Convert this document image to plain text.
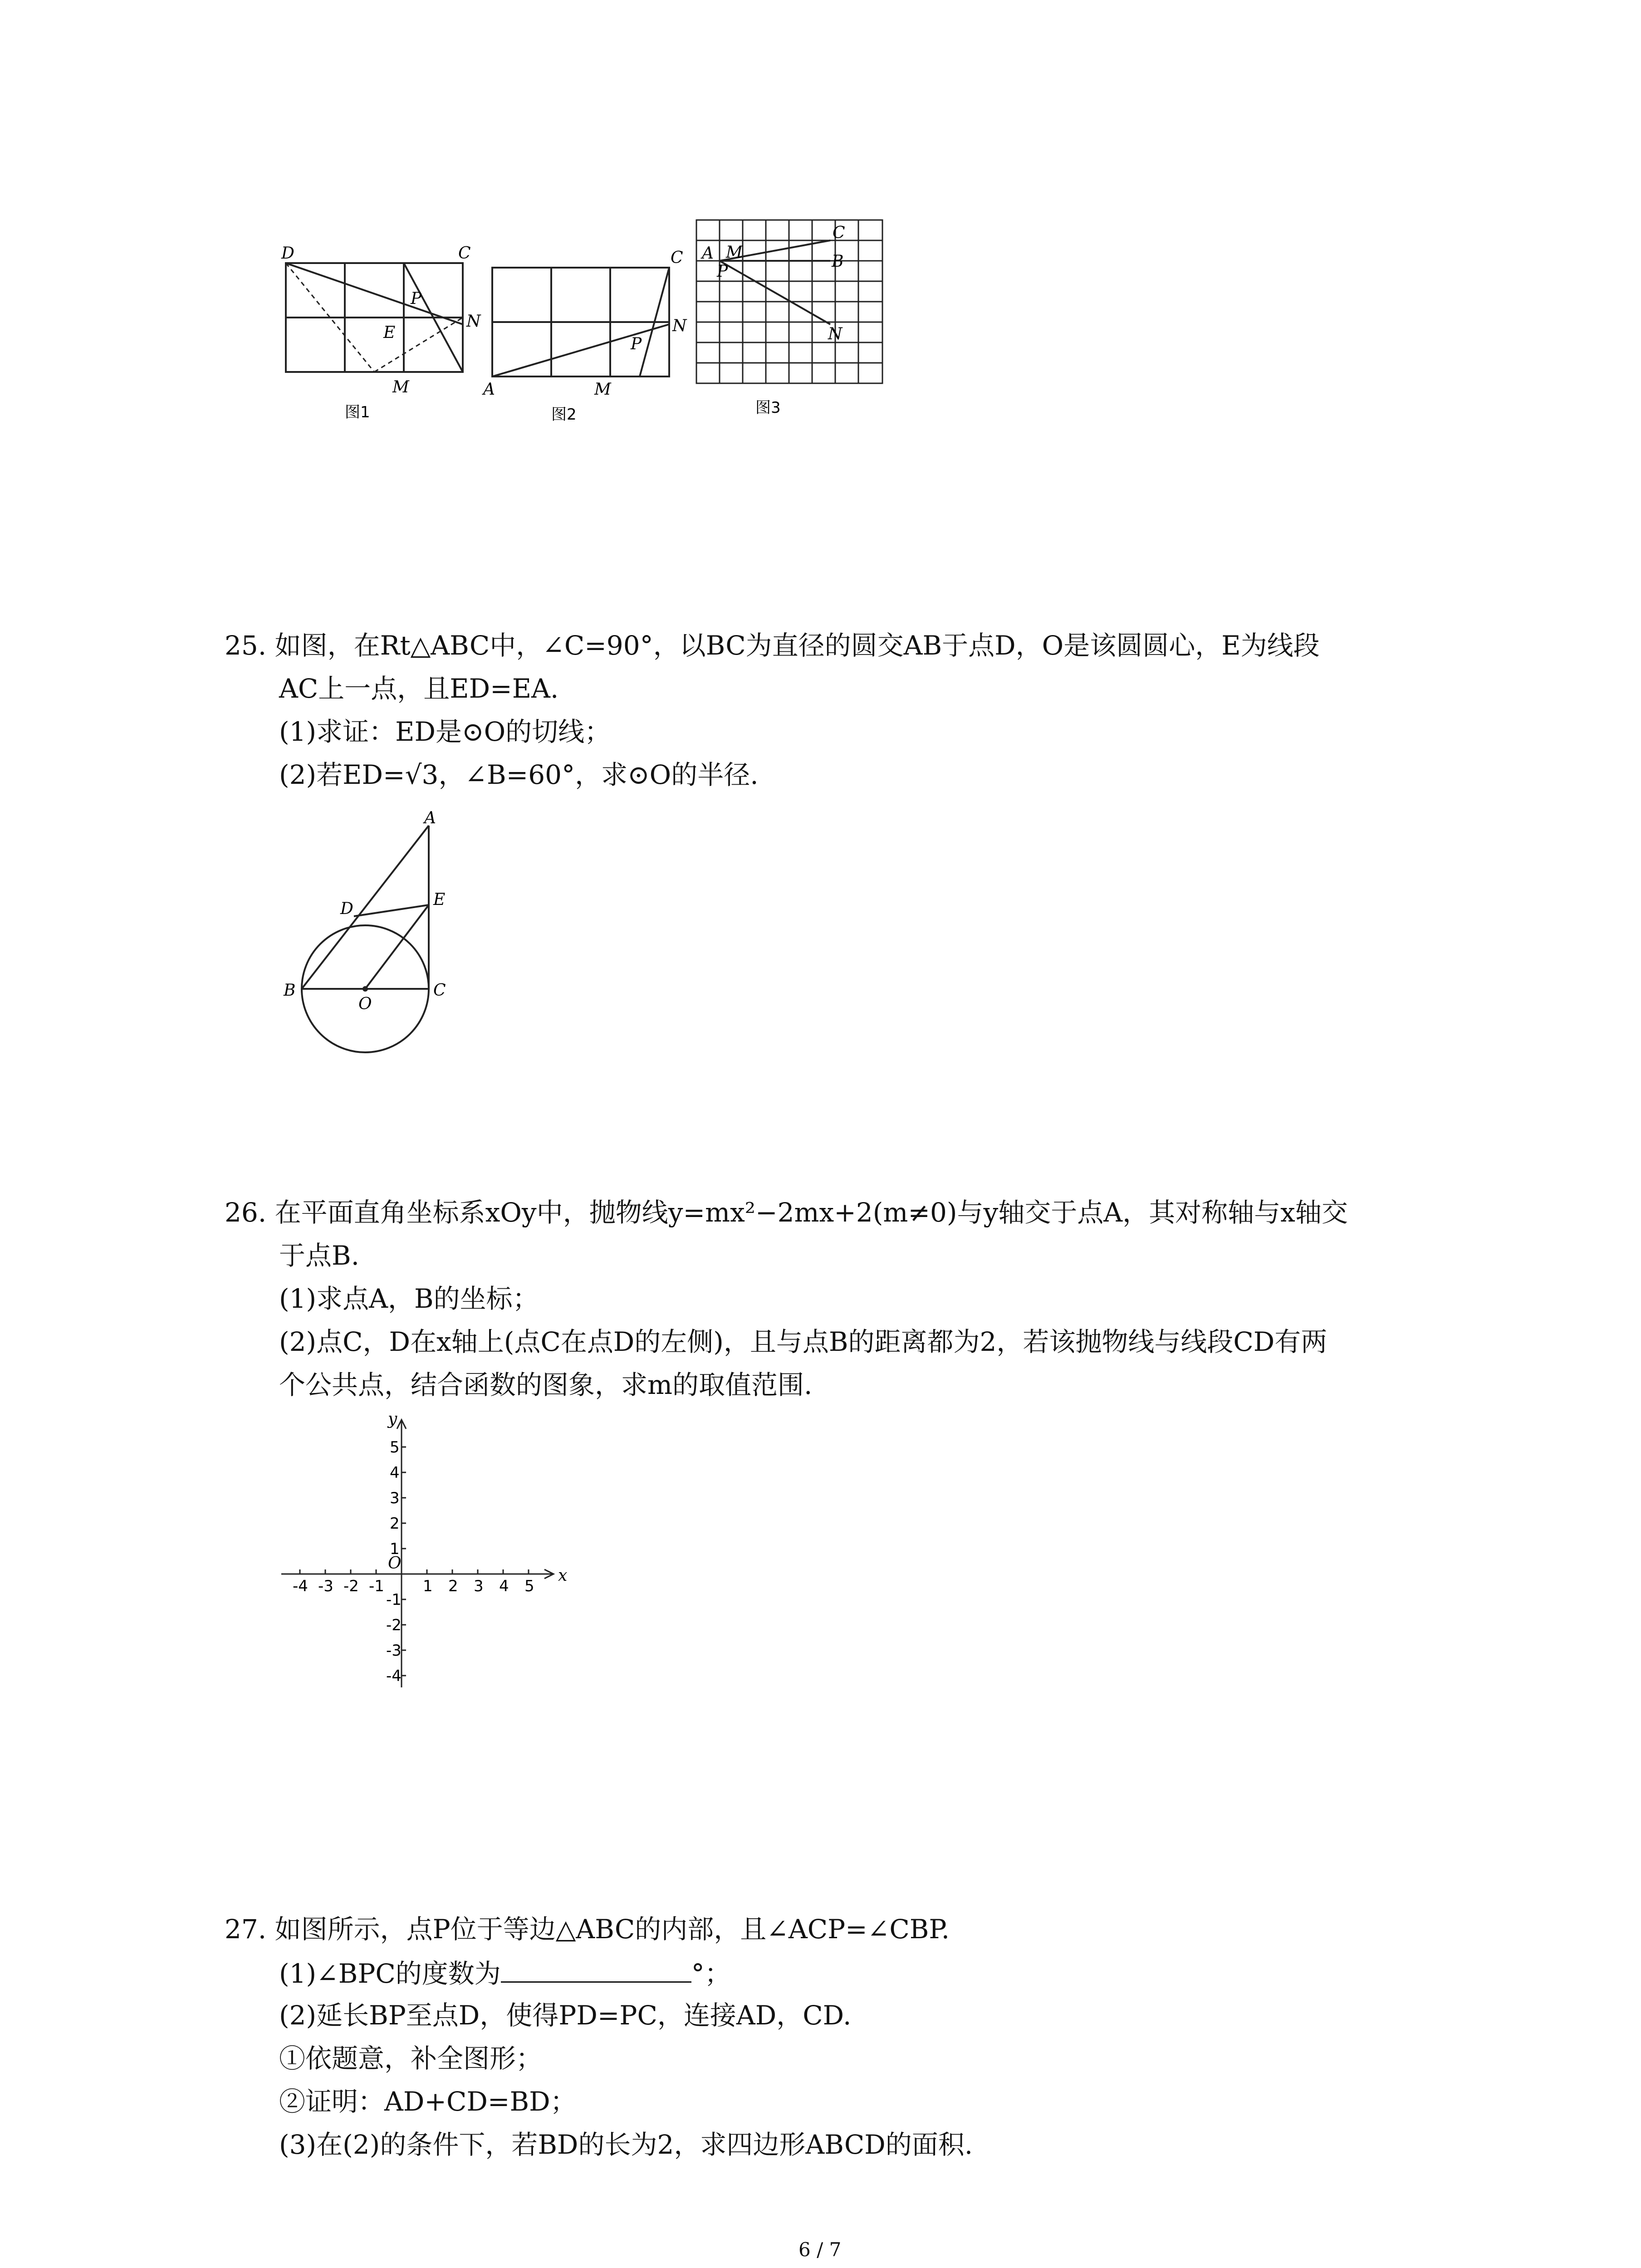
D	C
P
E
N
M
图1
C
N
P
A	M
图2
C
A M	B
P
N
图3
25. 如图，在Rt△ABC中，∠C=90°，以BC为直径的圆交AB于点D，O是该圆圆心，E为线段
AC上一点，且ED=EA.
(1)求证：ED是⊙O的切线；
(2)若ED=√3，∠B=60°，求⊙O的半径.
A
D	E
B
O
C
26. 在平面直角坐标系xOy中，抛物线y=mx²−2mx+2(m≠0)与y轴交于点A，其对称轴与x轴交
于点B.
(1)求点A，B的坐标；
(2)点C，D在x轴上(点C在点D的左侧)，且与点B的距离都为2，若该抛物线与线段CD有两
个公共点，结合函数的图象，求m的取值范围.
-4 -3 -2 -1	1 2 3 4 5
5
4
3
2
1
-1
-2
-3
-4
x
y
O
27. 如图所示，点P位于等边△ABC的内部，且∠ACP=∠CBP.
(1)∠BPC的度数为	°；
(2)延长BP至点D，使得PD=PC，连接AD，CD.
①依题意，补全图形；
②证明：AD+CD=BD；
(3)在(2)的条件下，若BD的长为2，求四边形ABCD的面积.
6 / 7
